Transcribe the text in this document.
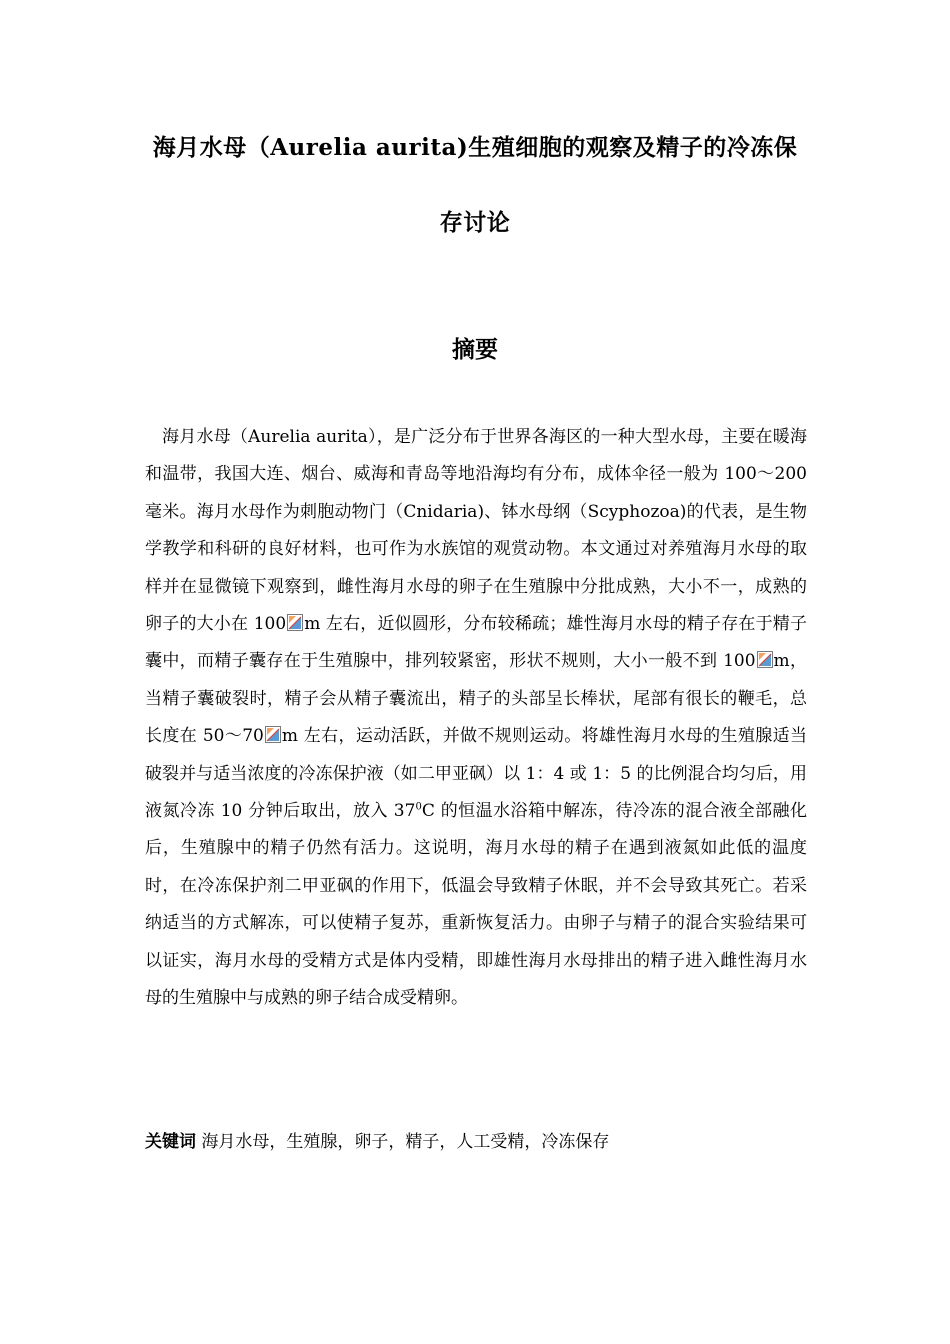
海月水母（Aurelia aurita)生殖细胞的观察及精子的冷冻保
存讨论
摘要
海月水母（Aurelia aurita），是广泛分布于世界各海区的一种大型水母，主要在暖海和温带，我国大连、烟台、威海和青岛等地沿海均有分布，成体伞径一般为 100～200 毫米。海月水母作为刺胞动物门（Cnidaria)、钵水母纲（Scyphozoa)的代表，是生物学教学和科研的良好材料，也可作为水族馆的观赏动物。本文通过对养殖海月水母的取样并在显微镜下观察到，雌性海月水母的卵子在生殖腺中分批成熟，大小不一，成熟的卵子的大小在 100 m 左右，近似圆形，分布较稀疏；雄性海月水母的精子存在于精子囊中，而精子囊存在于生殖腺中，排列较紧密，形状不规则，大小一般不到 100 m，当精子囊破裂时，精子会从精子囊流出，精子的头部呈长棒状，尾部有很长的鞭毛，总长度在 50～70 m 左右，运动活跃，并做不规则运动。将雄性海月水母的生殖腺适当破裂并与适当浓度的冷冻保护液（如二甲亚砜）以 1：4 或 1：5 的比例混合均匀后，用液氮冷冻 10 分钟后取出，放入 $37^0C$ 的恒温水浴箱中解冻，待冷冻的混合液全部融化后，生殖腺中的精子仍然有活力。这说明，海月水母的精子在遇到液氮如此低的温度时，在冷冻保护剂二甲亚砜的作用下，低温会导致精子休眠，并不会导致其死亡。若采纳适当的方式解冻，可以使精子复苏，重新恢复活力。由卵子与精子的混合实验结果可以证实，海月水母的受精方式是体内受精，即雄性海月水母排出的精子进入雌性海月水母的生殖腺中与成熟的卵子结合成受精卵。
关键词 海月水母，生殖腺，卵子，精子，人工受精，冷冻保存
